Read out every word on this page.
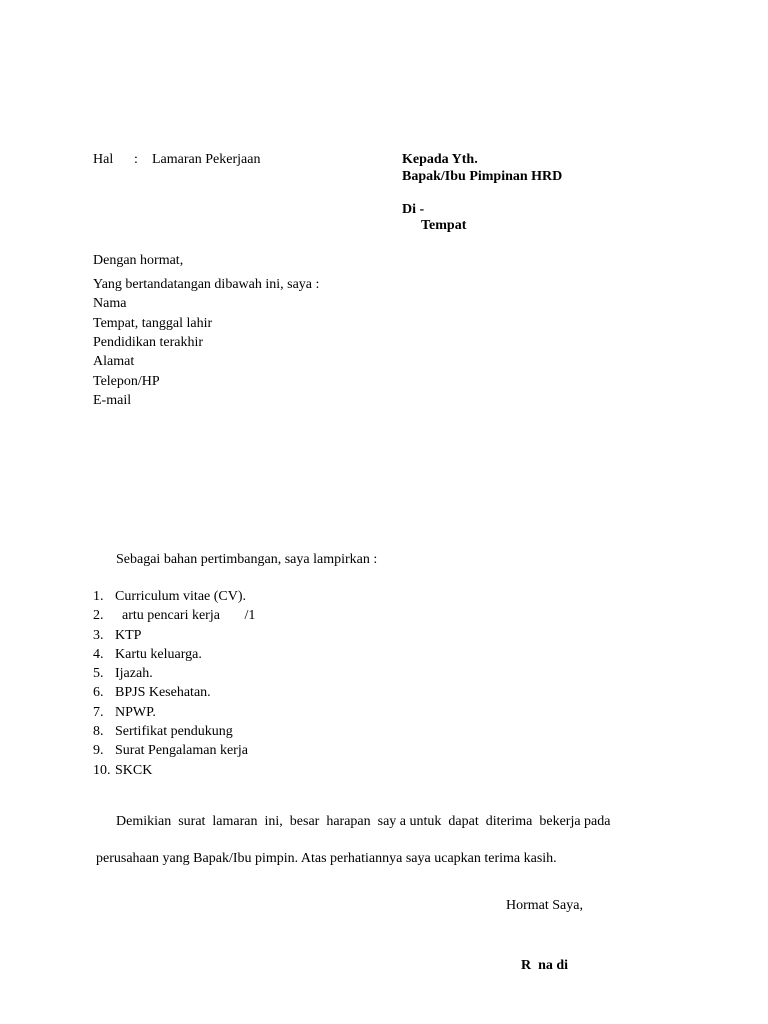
Hal : Lamaran Pekerjaan	Kepada Yth.
Bapak/Ibu Pimpinan HRD
Di -
Tempat
Dengan hormat,
Yang bertandatangan dibawah ini, saya :
Nama
Tempat, tanggal lahir
Pendidikan terakhir
Alamat
Telepon/HP
E-mail
Sebagai bahan pertimbangan, saya lampirkan :
1. Curriculum vitae (CV).
2.  artu pencari kerja       /1
3. KTP
4. Kartu keluarga.
5. Ijazah.
6. BPJS Kesehatan.
7. NPWP.
8. Sertifikat pendukung
9. Surat Pengalaman kerja
10. SKCK
Demikian  surat  lamaran  ini,  besar  harapan  say a untuk  dapat  diterima  bekerja pada
perusahaan yang Bapak/Ibu pimpin. Atas perhatiannya saya ucapkan terima kasih.
Hormat Saya,
R  na di
